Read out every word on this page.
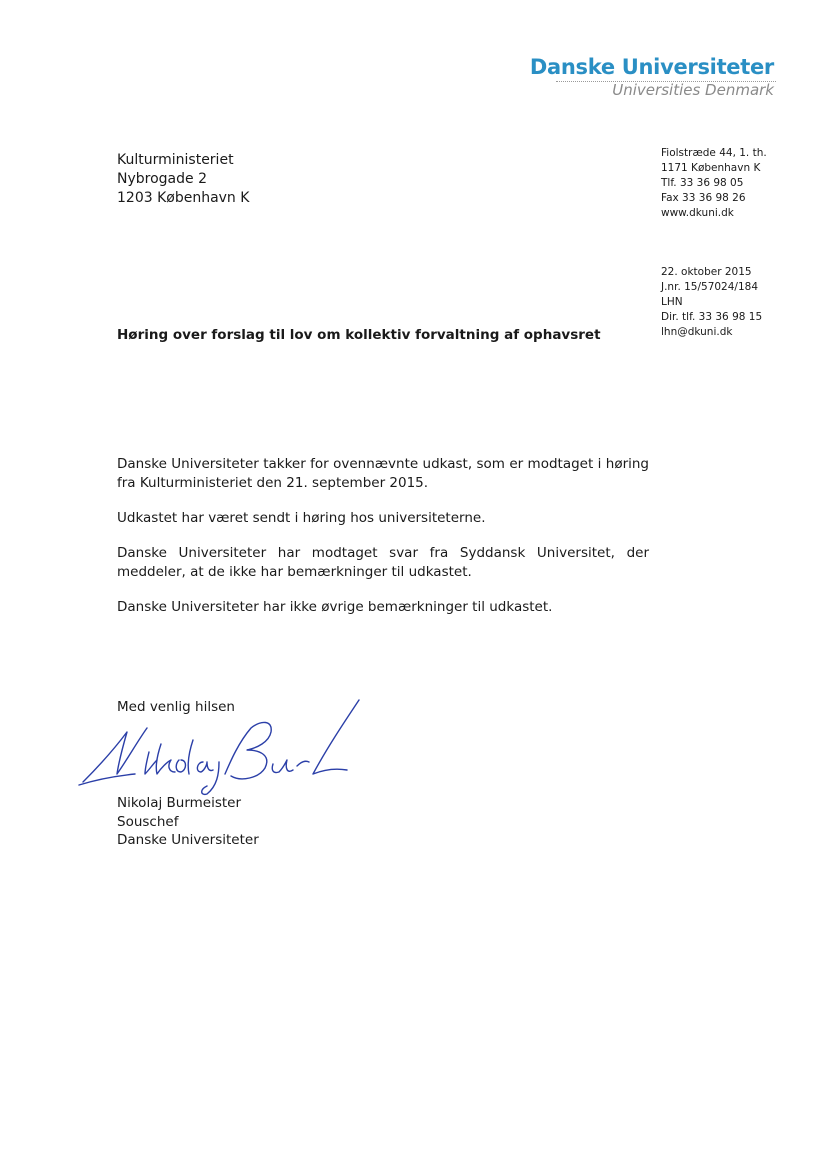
Danske Universiteter
Universities Denmark
Kulturministeriet
Nybrogade 2
1203 København K
Fiolstræde 44, 1. th.
1171 København K
Tlf. 33 36 98 05
Fax 33 36 98 26
www.dkuni.dk
22. oktober 2015
J.nr. 15/57024/184
LHN
Dir. tlf. 33 36 98 15
lhn@dkuni.dk
Høring over forslag til lov om kollektiv forvaltning af ophavsret

Danske Universiteter takker for ovennævnte udkast, som er modtaget i høring fra Kulturministeriet den 21. september 2015.

Udkastet har været sendt i høring hos universiteterne.

Danske Universiteter har modtaget svar fra Syddansk Universitet, der meddeler, at de ikke har bemærkninger til udkastet.

Danske Universiteter har ikke øvrige bemærkninger til udkastet.

Med venlig hilsen
Nikolaj Burmeister
Souschef
Danske Universiteter
